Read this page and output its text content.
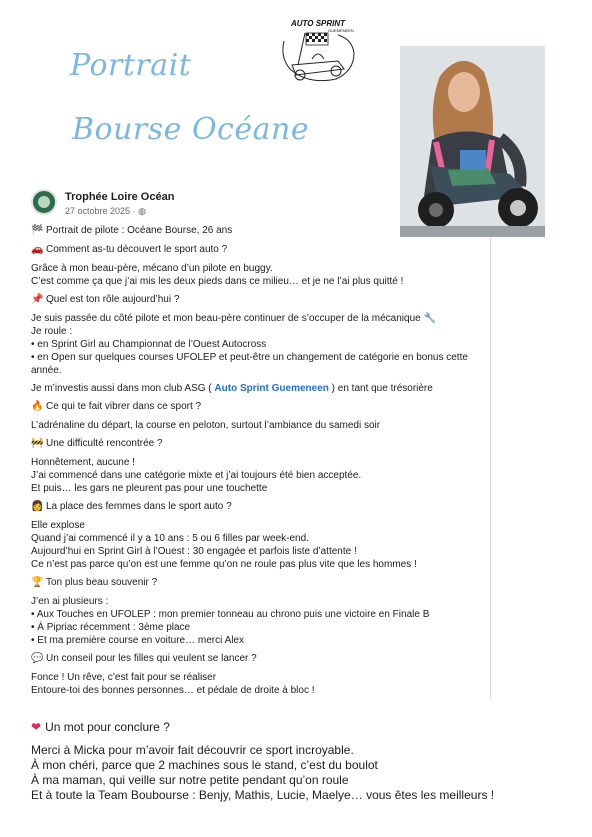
Portrait
Bourse Océane
AUTO SPRINT
GUEMENEEN
Trophée Loire Océan
27 octobre 2025 · ◍

🏁 Portrait de pilote : Océane Bourse, 26 ans

🚗 Comment as-tu découvert le sport auto ?

Grâce à mon beau-père, mécano d’un pilote en buggy.
C’est comme ça que j’ai mis les deux pieds dans ce milieu… et je ne l’ai plus quitté !

📌 Quel est ton rôle aujourd’hui ?

Je suis passée du côté pilote et mon beau-père continuer de s’occuper de la mécanique 🔧
Je roule :
• en Sprint Girl au Championnat de l’Ouest Autocross
• en Open sur quelques courses UFOLEP et peut-être un changement de catégorie en bonus cette année.

Je m’investis aussi dans mon club ASG ( Auto Sprint Guemeneen ) en tant que trésorière

🔥 Ce qui te fait vibrer dans ce sport ?

L’adrénaline du départ, la course en peloton, surtout l’ambiance du samedi soir

🚧 Une difficulté rencontrée ?

Honnêtement, aucune !
J’ai commencé dans une catégorie mixte et j’ai toujours été bien acceptée.
Et puis… les gars ne pleurent pas pour une touchette

👩 La place des femmes dans le sport auto ?

Elle explose
Quand j’ai commencé il y a 10 ans : 5 ou 6 filles par week-end.
Aujourd’hui en Sprint Girl à l’Ouest : 30 engagée et parfois liste d’attente !
Ce n’est pas parce qu’on est une femme qu’on ne roule pas plus vite que les hommes !

🏆 Ton plus beau souvenir ?

J’en ai plusieurs :
• Aux Touches en UFOLEP : mon premier tonneau au chrono puis une victoire en Finale B
• À Pipriac récemment : 3ème place
• Et ma première course en voiture… merci Alex

💬 Un conseil pour les filles qui veulent se lancer ?

Fonce ! Un rêve, c’est fait pour se réaliser
Entoure-toi des bonnes personnes… et pédale de droite à bloc !

❤ Un mot pour conclure ?

Merci à Micka pour m’avoir fait découvrir ce sport incroyable.

À mon chéri, parce que 2 machines sous le stand, c’est du boulot

À ma maman, qui veille sur notre petite pendant qu’on roule

Et à toute la Team Boubourse : Benjy, Mathis, Lucie, Maelye… vous êtes les meilleurs !
